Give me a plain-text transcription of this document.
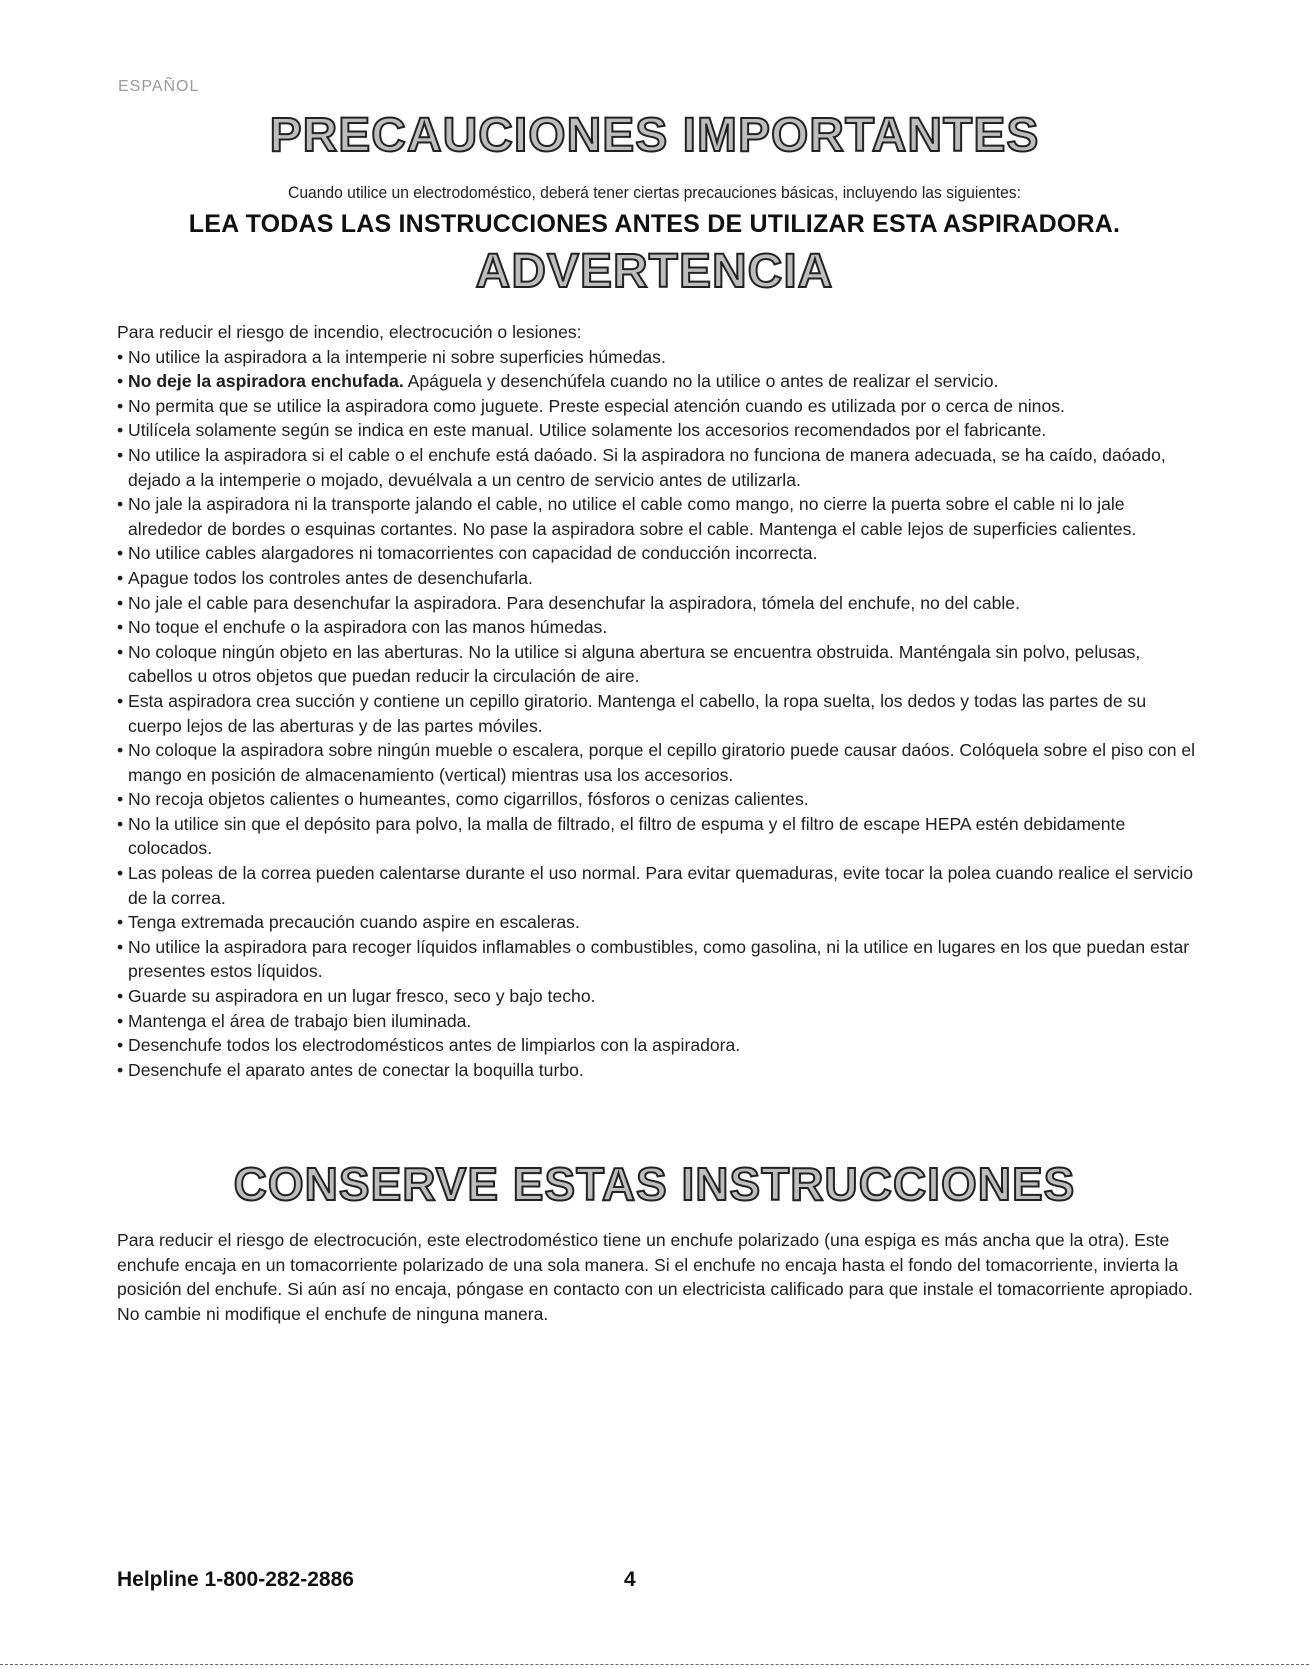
ESPAÑOL
PRECAUCIONES IMPORTANTES
Cuando utilice un electrodoméstico, deberá tener ciertas precauciones básicas, incluyendo las siguientes:
LEA TODAS LAS INSTRUCCIONES ANTES DE UTILIZAR ESTA ASPIRADORA.
ADVERTENCIA

Para reducir el riesgo de incendio, electrocución o lesiones:

• No utilice la aspiradora a la intemperie ni sobre superficies húmedas.
• No deje la aspiradora enchufada. Apáguela y desenchúfela cuando no la utilice o antes de realizar el servicio.
• No permita que se utilice la aspiradora como juguete. Preste especial atención cuando es utilizada por o cerca de ninos.
• Utilícela solamente según se indica en este manual. Utilice solamente los accesorios recomendados por el fabricante.
• No utilice la aspiradora si el cable o el enchufe está daóado. Si la aspiradora no funciona de manera adecuada, se ha caído, daóado, dejado a la intemperie o mojado, devuélvala a un centro de servicio antes de utilizarla.
• No jale la aspiradora ni la transporte jalando el cable, no utilice el cable como mango, no cierre la puerta sobre el cable ni lo jale alrededor de bordes o esquinas cortantes. No pase la aspiradora sobre el cable. Mantenga el cable lejos de superficies calientes.
• No utilice cables alargadores ni tomacorrientes con capacidad de conducción incorrecta.
• Apague todos los controles antes de desenchufarla.
• No jale el cable para desenchufar la aspiradora. Para desenchufar la aspiradora, tómela del enchufe, no del cable.
• No toque el enchufe o la aspiradora con las manos húmedas.
• No coloque ningún objeto en las aberturas. No la utilice si alguna abertura se encuentra obstruida. Manténgala sin polvo, pelusas, cabellos u otros objetos que puedan reducir la circulación de aire.
• Esta aspiradora crea succión y contiene un cepillo giratorio. Mantenga el cabello, la ropa suelta, los dedos y todas las partes de su cuerpo lejos de las aberturas y de las partes móviles.
• No coloque la aspiradora sobre ningún mueble o escalera, porque el cepillo giratorio puede causar daóos. Colóquela sobre el piso con el mango en posición de almacenamiento (vertical) mientras usa los accesorios.
• No recoja objetos calientes o humeantes, como cigarrillos, fósforos o cenizas calientes.
• No la utilice sin que el depósito para polvo, la malla de filtrado, el filtro de espuma y el filtro de escape HEPA estén debidamente colocados.
• Las poleas de la correa pueden calentarse durante el uso normal. Para evitar quemaduras, evite tocar la polea cuando realice el servicio de la correa.
• Tenga extremada precaución cuando aspire en escaleras.
• No utilice la aspiradora para recoger líquidos inflamables o combustibles, como gasolina, ni la utilice en lugares en los que puedan estar presentes estos líquidos.
• Guarde su aspiradora en un lugar fresco, seco y bajo techo.
• Mantenga el área de trabajo bien iluminada.
• Desenchufe todos los electrodomésticos antes de limpiarlos con la aspiradora.
• Desenchufe el aparato antes de conectar la boquilla turbo.
CONSERVE ESTAS INSTRUCCIONES

Para reducir el riesgo de electrocución, este electrodoméstico tiene un enchufe polarizado (una espiga es más ancha que la otra). Este enchufe encaja en un tomacorriente polarizado de una sola manera. Si el enchufe no encaja hasta el fondo del tomacorriente, invierta la posición del enchufe. Si aún así no encaja, póngase en contacto con un electricista calificado para que instale el tomacorriente apropiado. No cambie ni modifique el enchufe de ninguna manera.

Helpline 1-800-282-2886	4
